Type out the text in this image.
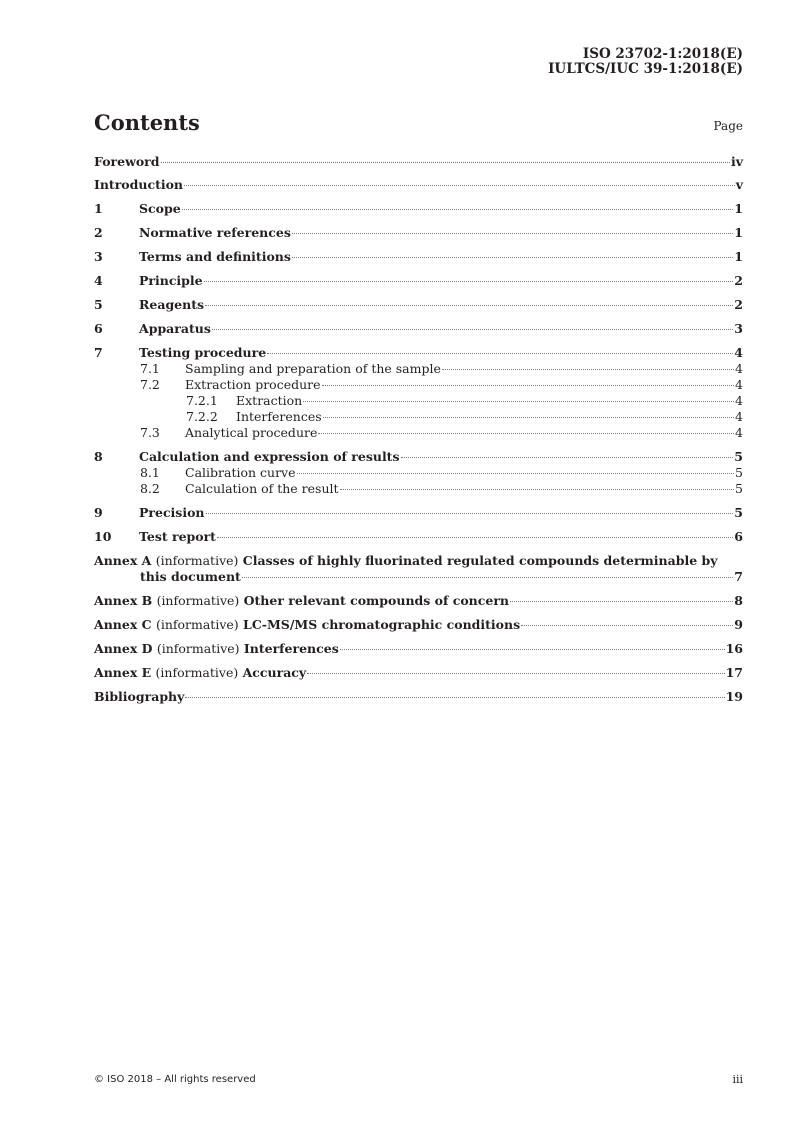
ISO 23702-1:2018(E)
IULTCS/IUC 39-1:2018(E)
Contents	Page
Foreword	iv
Introduction	v
1	Scope	1
2	Normative references	1
3	Terms and definitions	1
4	Principle	2
5	Reagents	2
6	Apparatus	3
7	Testing procedure	4
7.1	Sampling and preparation of the sample	4
7.2	Extraction procedure	4
7.2.1	Extraction	4
7.2.2	Interferences	4
7.3	Analytical procedure	4
8	Calculation and expression of results	5
8.1	Calibration curve	5
8.2	Calculation of the result	5
9	Precision	5
10	Test report	6
Annex A (informative) Classes of highly fluorinated regulated compounds determinable by
this document	7
Annex B (informative) Other relevant compounds of concern	8
Annex C (informative) LC-MS/MS chromatographic conditions	9
Annex D (informative) Interferences	16
Annex E (informative) Accuracy	17
Bibliography	19
© ISO 2018 – All rights reserved	iii
